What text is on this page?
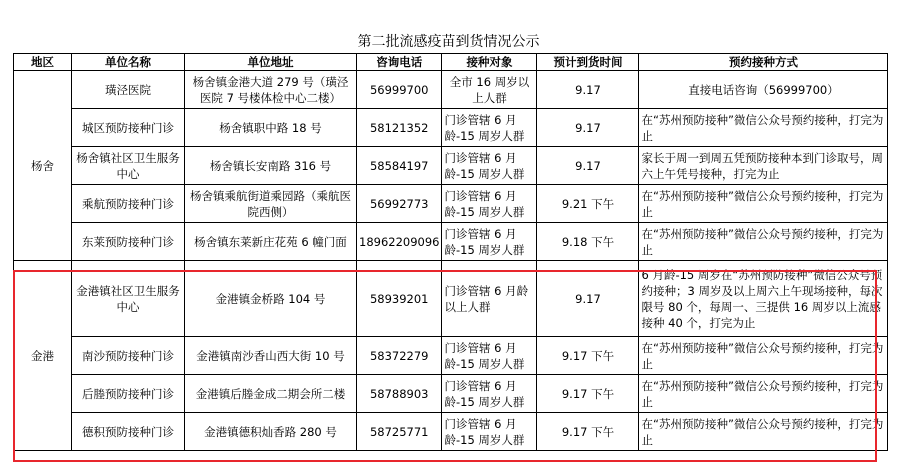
第二批流感疫苗到货情况公示
地区	单位名称	单位地址	咨询电话	接种对象	预计到货时间	预约接种方式
杨舍	璜泾医院	杨舍镇金港大道 279 号（璜泾医院 7 号楼体检中心二楼）	56999700	全市 16 周岁以上人群	9.17	直接电话咨询（56999700）
	城区预防接种门诊	杨舍镇职中路 18 号	58121352	门诊管辖 6 月龄-15 周岁人群	9.17	在“苏州预防接种”微信公众号预约接种，打完为止
	杨舍镇社区卫生服务中心	杨舍镇长安南路 316 号	58584197	门诊管辖 6 月龄-15 周岁人群	9.17	家长于周一到周五凭预防接种本到门诊取号，周六上午凭号接种，打完为止
	乘航预防接种门诊	杨舍镇乘航街道乘园路（乘航医院西侧）	56992773	门诊管辖 6 月龄-15 周岁人群	9.21 下午	在“苏州预防接种”微信公众号预约接种，打完为止
	东莱预防接种门诊	杨舍镇东莱新庄花苑 6 幢门面	18962209096	门诊管辖 6 月龄-15 周岁人群	9.18 下午	在“苏州预防接种”微信公众号预约接种，打完为止
金港	金港镇社区卫生服务中心	金港镇金桥路 104 号	58939201	门诊管辖 6 月龄以上人群	9.17	6 月龄-15 周岁在“苏州预防接种”微信公众号预约接种；3 周岁及以上周六上午现场接种，每次限号 80 个，每周一、三提供 16 周岁以上流感接种 40 个，打完为止
	南沙预防接种门诊	金港镇南沙香山西大街 10 号	58372279	门诊管辖 6 月龄-15 周岁人群	9.17 下午	在“苏州预防接种”微信公众号预约接种，打完为止
	后塍预防接种门诊	金港镇后塍金成二期会所二楼	58788903	门诊管辖 6 月龄-15 周岁人群	9.17 下午	在“苏州预防接种”微信公众号预约接种，打完为止
	德积预防接种门诊	金港镇德积灿香路 280 号	58725771	门诊管辖 6 月龄-15 周岁人群	9.17 下午	在“苏州预防接种”微信公众号预约接种，打完为止
